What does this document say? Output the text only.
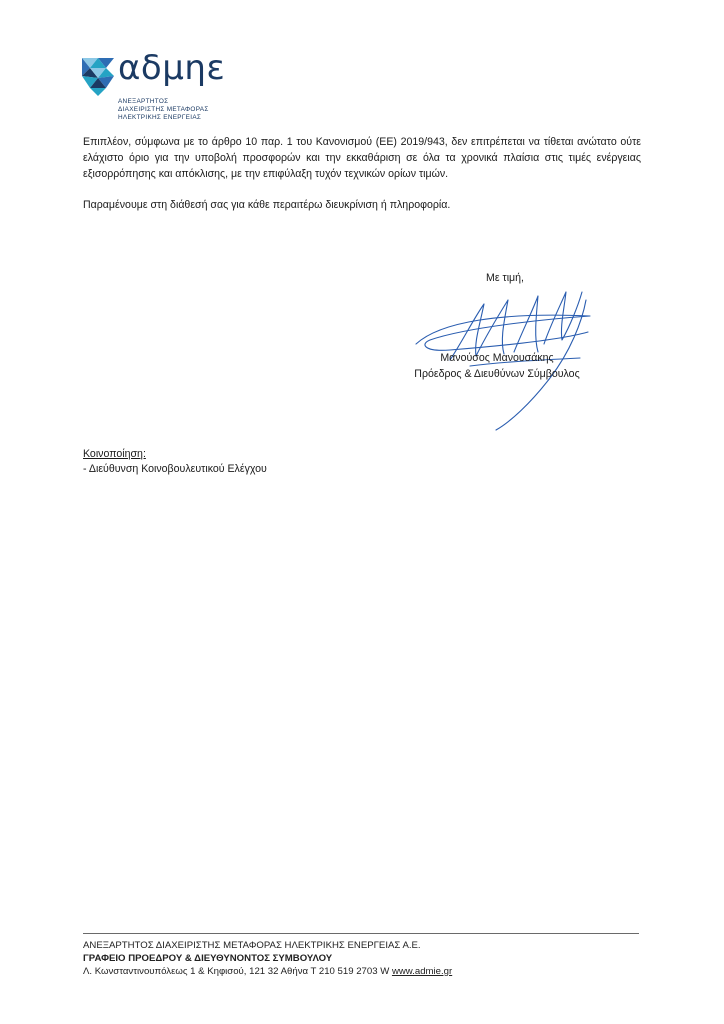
αδμηε
ΑΝΕΞΑΡΤΗΤΟΣ
ΔΙΑΧΕΙΡΙΣΤΗΣ ΜΕΤΑΦΟΡΑΣ
ΗΛΕΚΤΡΙΚΗΣ ΕΝΕΡΓΕΙΑΣ

Επιπλέον, σύμφωνα με το άρθρο 10 παρ. 1 του Κανονισμού (ΕΕ) 2019/943, δεν επιτρέπεται να τίθεται ανώτατο ούτε ελάχιστο όριο για την υποβολή προσφορών και την εκκαθάριση σε όλα τα χρονικά πλαίσια στις τιμές ενέργειας εξισορρόπησης και απόκλισης, με την επιφύλαξη τυχόν τεχνικών ορίων τιμών.

Παραμένουμε στη διάθεσή σας για κάθε περαιτέρω διευκρίνιση ή πληροφορία.

Με τιμή,
Μανούσος Μανουσάκης
Πρόεδρος & Διευθύνων Σύμβουλος
Κοινοποίηση:
- Διεύθυνση Κοινοβουλευτικού Ελέγχου
ΑΝΕΞΑΡΤΗΤΟΣ ΔΙΑΧΕΙΡΙΣΤΗΣ ΜΕΤΑΦΟΡΑΣ ΗΛΕΚΤΡΙΚΗΣ ΕΝΕΡΓΕΙΑΣ Α.Ε.
ΓΡΑΦΕΙΟ ΠΡΟΕΔΡΟΥ & ΔΙΕΥΘΥΝΟΝΤΟΣ ΣΥΜΒΟΥΛΟΥ
Λ. Κωνσταντινουπόλεως 1 & Κηφισού, 121 32 Αθήνα Τ 210 519 2703 W www.admie.gr
